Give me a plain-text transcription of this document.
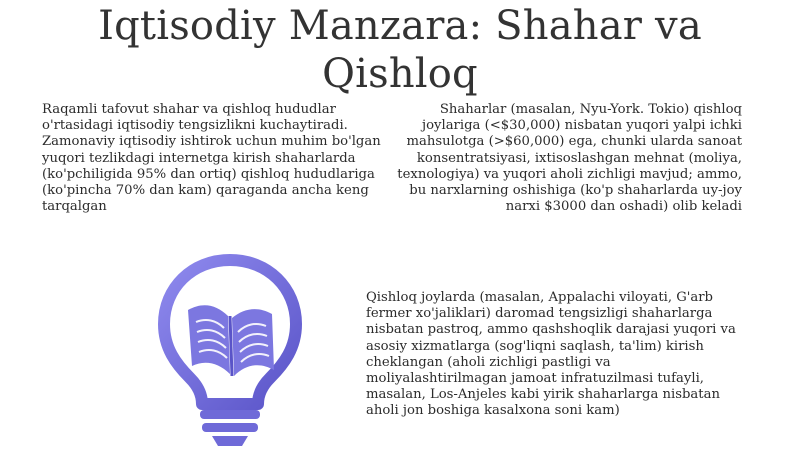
Iqtisodiy Manzara: Shahar va
Qishloq

Raqamli tafovut shahar va qishloq hududlar o'rtasidagi iqtisodiy tengsizlikni kuchaytiradi. Zamonaviy iqtisodiy ishtirok uchun muhim bo'lgan yuqori tezlikdagi internetga kirish shaharlarda (ko'pchiligida 95% dan ortiq) qishloq hududlariga (ko'pincha 70% dan kam) qaraganda ancha keng tarqalgan

Shaharlar (masalan, Nyu-York. Tokio) qishloq joylariga (<$30,000) nisbatan yuqori yalpi ichki mahsulotga (>$60,000) ega, chunki ularda sanoat konsentratsiyasi, ixtisoslashgan mehnat (moliya, texnologiya) va yuqori aholi zichligi mavjud; ammo, bu narxlarning oshishiga (ko'p shaharlarda uy-joy narxi $3000 dan oshadi) olib keladi

Qishloq joylarda (masalan, Appalachi viloyati, G'arb fermer xo'jaliklari) daromad tengsizligi shaharlarga nisbatan pastroq, ammo qashshoqlik darajasi yuqori va asosiy xizmatlarga (sog'liqni saqlash, ta'lim) kirish cheklangan (aholi zichligi pastligi va moliyalashtirilmagan jamoat infratuzilmasi tufayli, masalan, Los-Anjeles kabi yirik shaharlarga nisbatan aholi jon boshiga kasalxona soni kam)
